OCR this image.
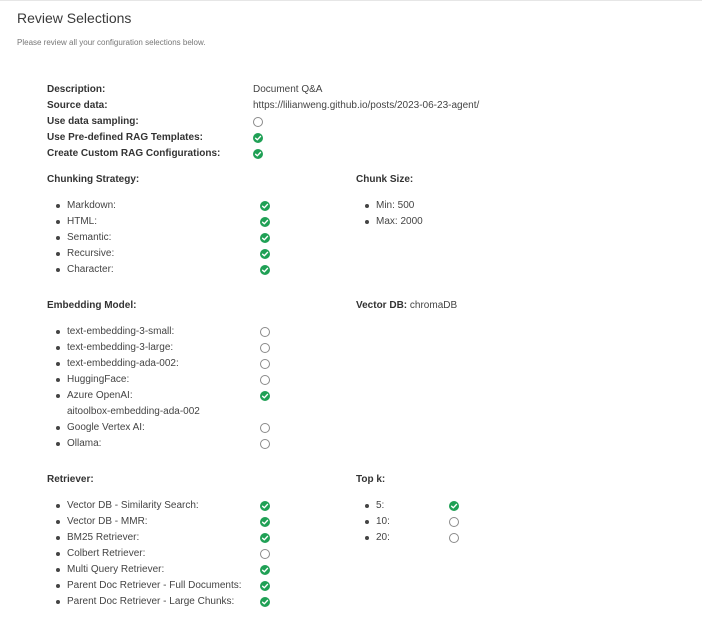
Review Selections
Please review all your configuration selections below.
Description:	Document Q&A
Source data:	https://lilianweng.github.io/posts/2023-06-23-agent/
Use data sampling:
Use Pre-defined RAG Templates:
Create Custom RAG Configurations:
Chunking Strategy:	Chunk Size:
Embedding Model:	Vector DB: chromaDB
Retriever:	Top k:
Markdown:
HTML:
Semantic:
Recursive:
Character:
Min: 500
Max: 2000
text-embedding-3-small:
text-embedding-3-large:
text-embedding-ada-002:
HuggingFace:
Azure OpenAI:
aitoolbox-embedding-ada-002
Google Vertex AI:
Ollama:
Vector DB - Similarity Search:
Vector DB - MMR:
BM25 Retriever:
Colbert Retriever:
Multi Query Retriever:
Parent Doc Retriever - Full Documents:
Parent Doc Retriever - Large Chunks:
5:
10:
20:
